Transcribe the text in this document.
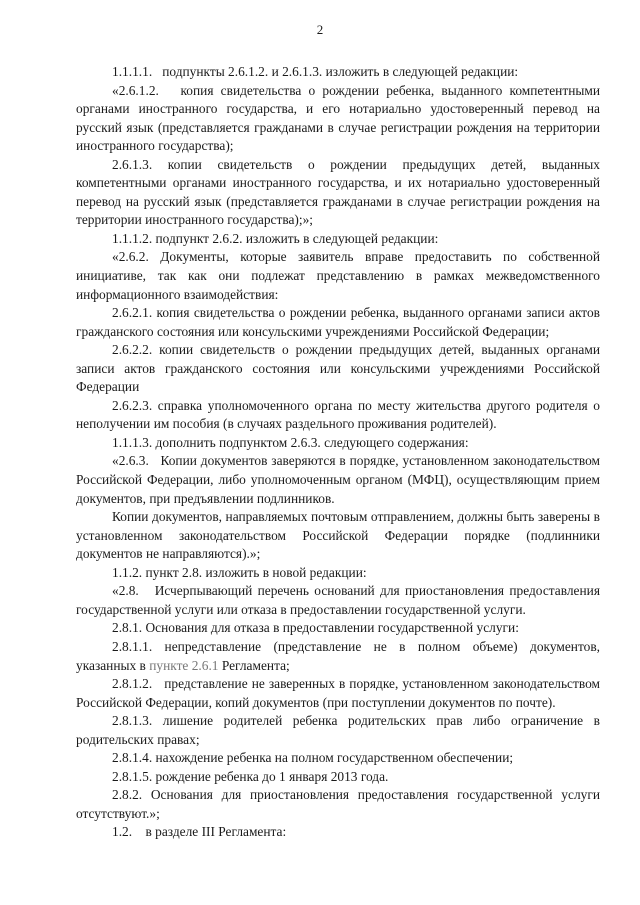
2

1.1.1.1.   подпункты 2.6.1.2. и 2.6.1.3. изложить в следующей редакции:

«2.6.1.2.   копия свидетельства о рождении ребенка, выданного компетентными органами иностранного государства, и его нотариально удостоверенный перевод на русский язык (представляется гражданами в случае регистрации рождения на территории иностранного государства);

2.6.1.3. копии свидетельств о рождении предыдущих детей, выданных компетентными органами иностранного государства, и их нотариально удостоверенный перевод на русский язык (представляется гражданами в случае регистрации рождения на территории иностранного государства);»;

1.1.1.2. подпункт 2.6.2. изложить в следующей редакции:

«2.6.2. Документы, которые заявитель вправе предоставить по собственной инициативе, так как они подлежат представлению в рамках межведомственного информационного взаимодействия:

2.6.2.1. копия свидетельства о рождении ребенка, выданного органами записи актов гражданского состояния или консульскими учреждениями Российской Федерации;

2.6.2.2. копии свидетельств о рождении предыдущих детей, выданных органами записи актов гражданского состояния или консульскими учреждениями Российской Федерации

2.6.2.3. справка уполномоченного органа по месту жительства другого родителя о неполучении им пособия (в случаях раздельного проживания родителей).

1.1.1.3. дополнить подпунктом 2.6.3. следующего содержания:

«2.6.3.   Копии документов заверяются в порядке, установленном законодательством Российской Федерации, либо уполномоченным органом (МФЦ), осуществляющим прием документов, при предъявлении подлинников.

Копии документов, направляемых почтовым отправлением, должны быть заверены в установленном законодательством Российской Федерации порядке (подлинники документов не направляются).»;

1.1.2. пункт 2.8. изложить в новой редакции:

«2.8.   Исчерпывающий перечень оснований для приостановления предоставления государственной услуги или отказа в предоставлении государственной услуги.

2.8.1. Основания для отказа в предоставлении государственной услуги:

2.8.1.1. непредставление (представление не в полном объеме) документов, указанных в пункте 2.6.1 Регламента;

2.8.1.2.   представление не заверенных в порядке, установленном законодательством Российской Федерации, копий документов (при поступлении документов по почте).

2.8.1.3. лишение родителей ребенка родительских прав либо ограничение в родительских правах;

2.8.1.4. нахождение ребенка на полном государственном обеспечении;

2.8.1.5. рождение ребенка до 1 января 2013 года.

2.8.2. Основания для приостановления предоставления государственной услуги отсутствуют.»;

1.2.    в разделе III Регламента:
